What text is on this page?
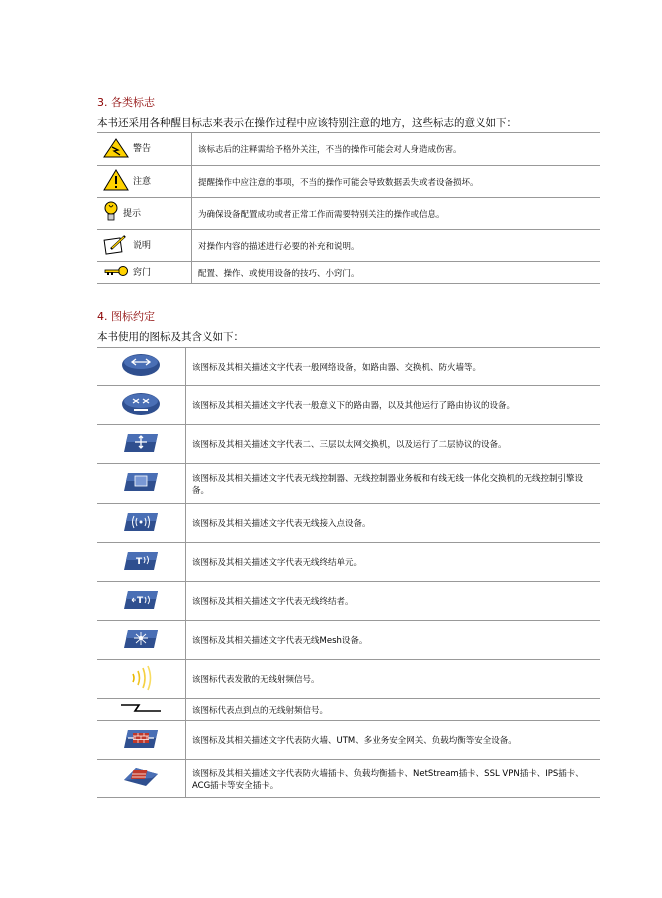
3. 各类标志
本书还采用各种醒目标志来表示在操作过程中应该特别注意的地方，这些标志的意义如下：
警告	该标志后的注释需给予格外关注，不当的操作可能会对人身造成伤害。

注意	提醒操作中应注意的事项，不当的操作可能会导致数据丢失或者设备损坏。

提示	为确保设备配置成功或者正常工作而需要特别关注的操作或信息。

说明	对操作内容的描述进行必要的补充和说明。

窍门	配置、操作、或使用设备的技巧、小窍门。
4. 图标约定
本书使用的图标及其含义如下：
	该图标及其相关描述文字代表一般网络设备，如路由器、交换机、防火墙等。
	该图标及其相关描述文字代表一般意义下的路由器，以及其他运行了路由协议的设备。
	该图标及其相关描述文字代表二、三层以太网交换机，以及运行了二层协议的设备。
	该图标及其相关描述文字代表无线控制器、无线控制器业务板和有线无线一体化交换机的无线控制引擎设备。
	该图标及其相关描述文字代表无线接入点设备。

T	该图标及其相关描述文字代表无线终结单元。

T	该图标及其相关描述文字代表无线终结者。
	该图标及其相关描述文字代表无线Mesh设备。
	该图标代表发散的无线射频信号。
	该图标代表点到点的无线射频信号。
	该图标及其相关描述文字代表防火墙、UTM、多业务安全网关、负载均衡等安全设备。
	该图标及其相关描述文字代表防火墙插卡、负载均衡插卡、NetStream插卡、SSL VPN插卡、IPS插卡、ACG插卡等安全插卡。
